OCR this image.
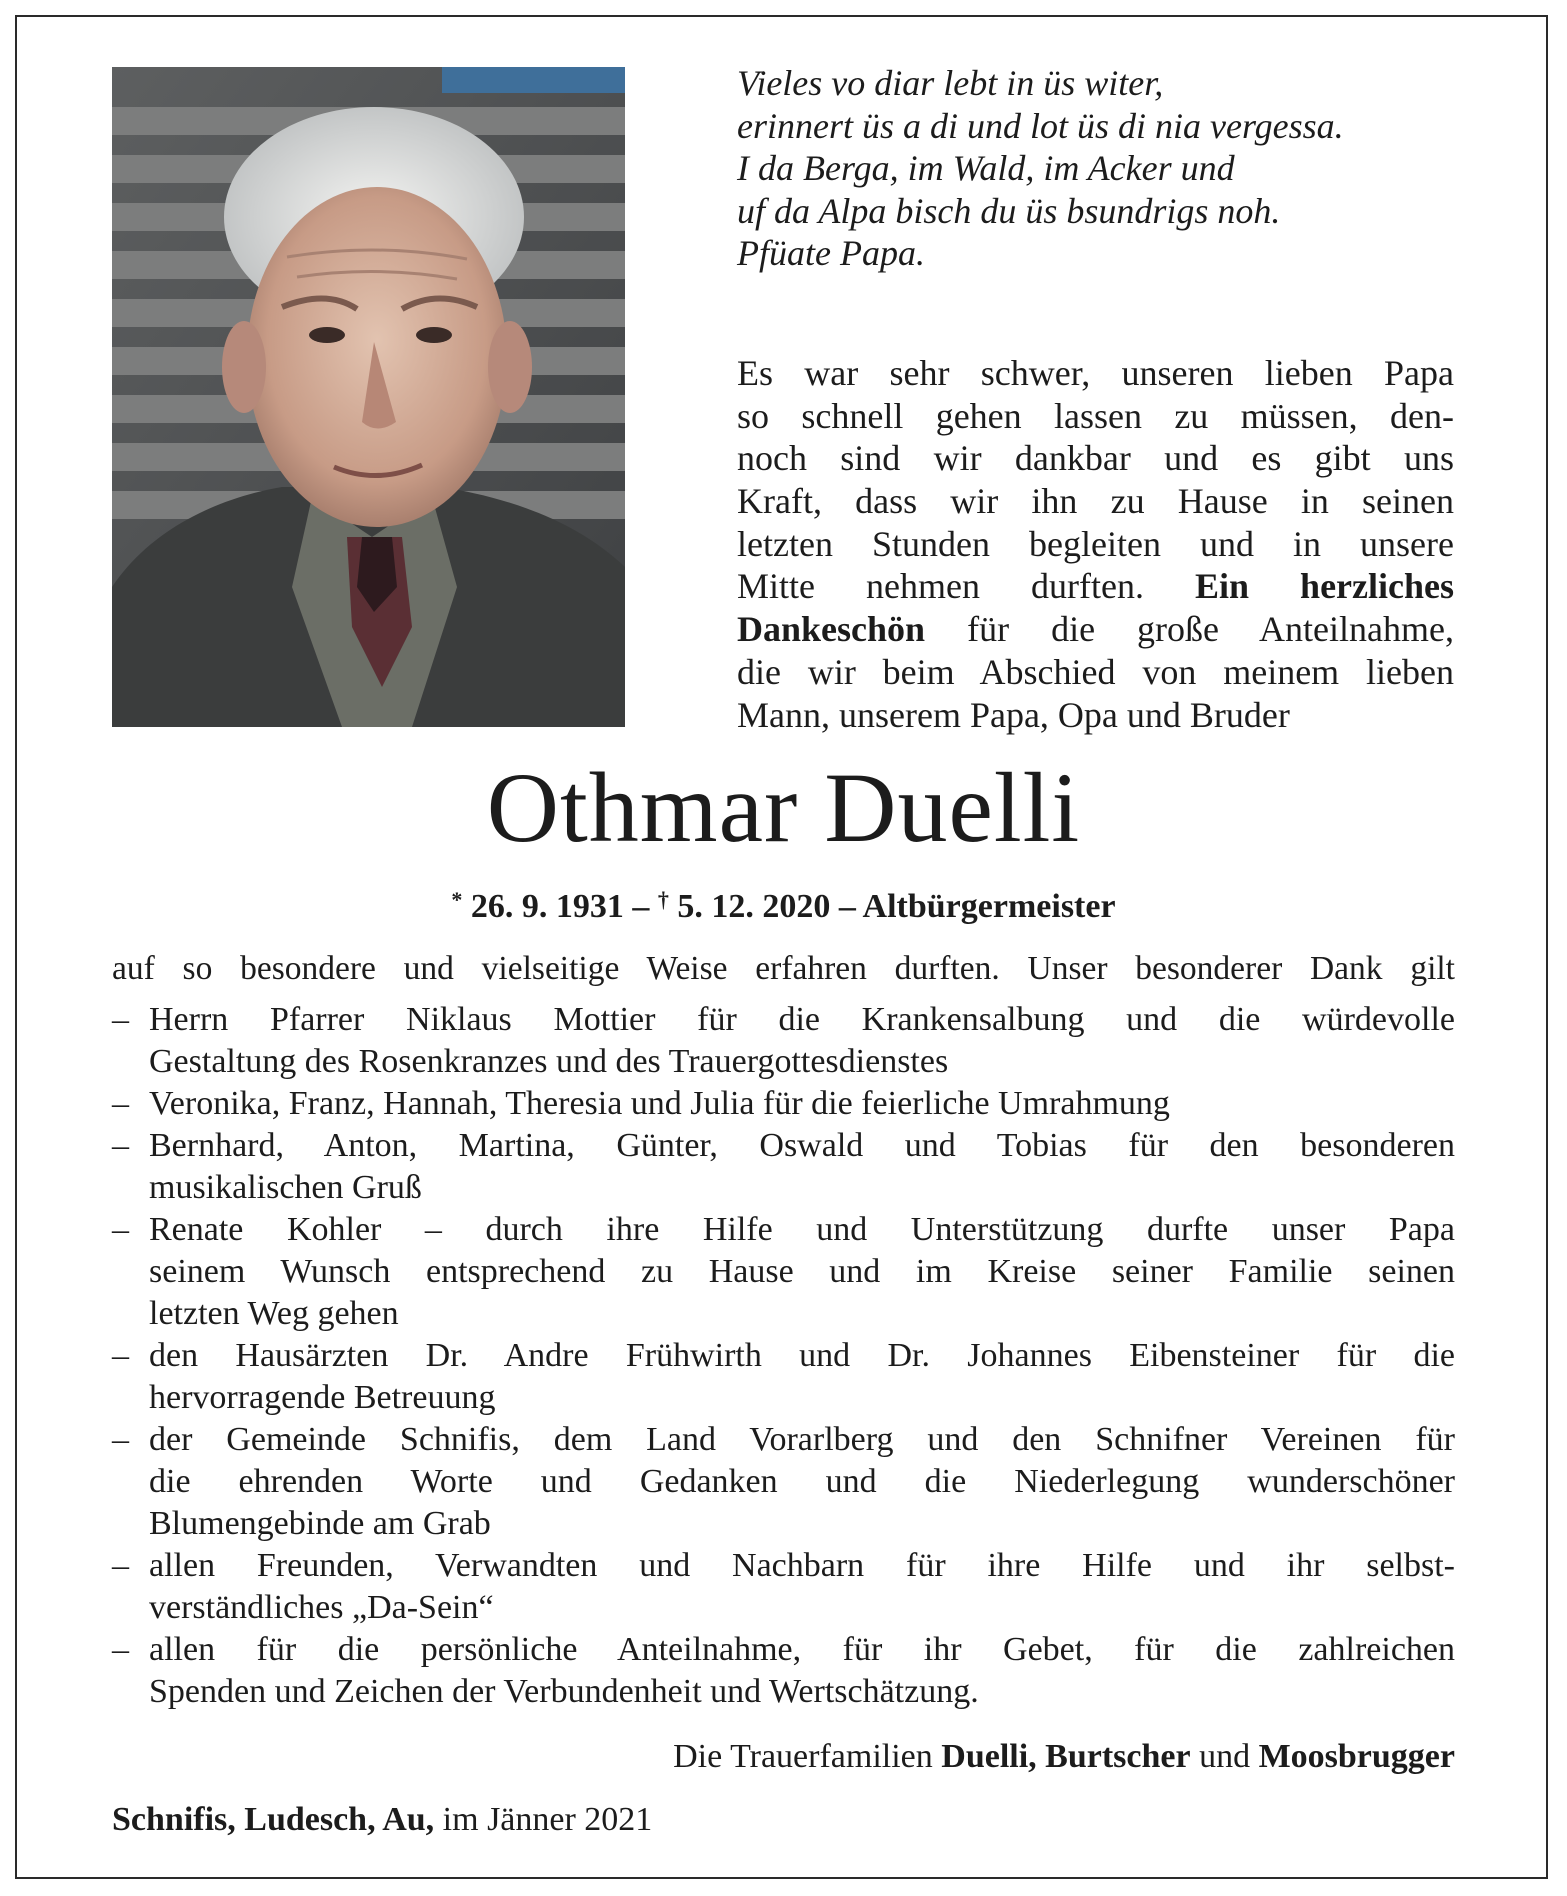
Vieles vo diar lebt in üs witer,
erinnert üs a di und lot üs di nia vergessa.
I da Berga, im Wald, im Acker und
uf da Alpa bisch du üs bsundrigs noh.
Pfüate Papa.
Es war sehr schwer, unseren lieben Papa
so schnell gehen lassen zu müssen, den-
noch sind wir dankbar und es gibt uns
Kraft, dass wir ihn zu Hause in seinen
letzten Stunden begleiten und in unsere
Mitte nehmen durften. Ein herzliches
Dankeschön für die große Anteilnahme,
die wir beim Abschied von meinem lieben
Mann, unserem Papa, Opa und Bruder
Othmar Duelli
* 26. 9. 1931 – † 5. 12. 2020 – Altbürgermeister
auf so besondere und vielseitige Weise erfahren durften. Unser besonderer Dank gilt
– Herrn Pfarrer Niklaus Mottier für die Krankensalbung und die würdevolle
Gestaltung des Rosenkranzes und des Trauergottesdienstes
– Veronika, Franz, Hannah, Theresia und Julia für die feierliche Umrahmung
– Bernhard, Anton, Martina, Günter, Oswald und Tobias für den besonderen
musikalischen Gruß
– Renate Kohler – durch ihre Hilfe und Unterstützung durfte unser Papa
seinem Wunsch entsprechend zu Hause und im Kreise seiner Familie seinen
letzten Weg gehen
– den Hausärzten Dr. Andre Frühwirth und Dr. Johannes Eibensteiner für die
hervorragende Betreuung
– der Gemeinde Schnifis, dem Land Vorarlberg und den Schnifner Vereinen für
die ehrenden Worte und Gedanken und die Niederlegung wunderschöner
Blumengebinde am Grab
– allen Freunden, Verwandten und Nachbarn für ihre Hilfe und ihr selbst-
verständliches „Da-Sein“
– allen für die persönliche Anteilnahme, für ihr Gebet, für die zahlreichen
Spenden und Zeichen der Verbundenheit und Wertschätzung.
Die Trauerfamilien Duelli, Burtscher und Moosbrugger
Schnifis, Ludesch, Au, im Jänner 2021
